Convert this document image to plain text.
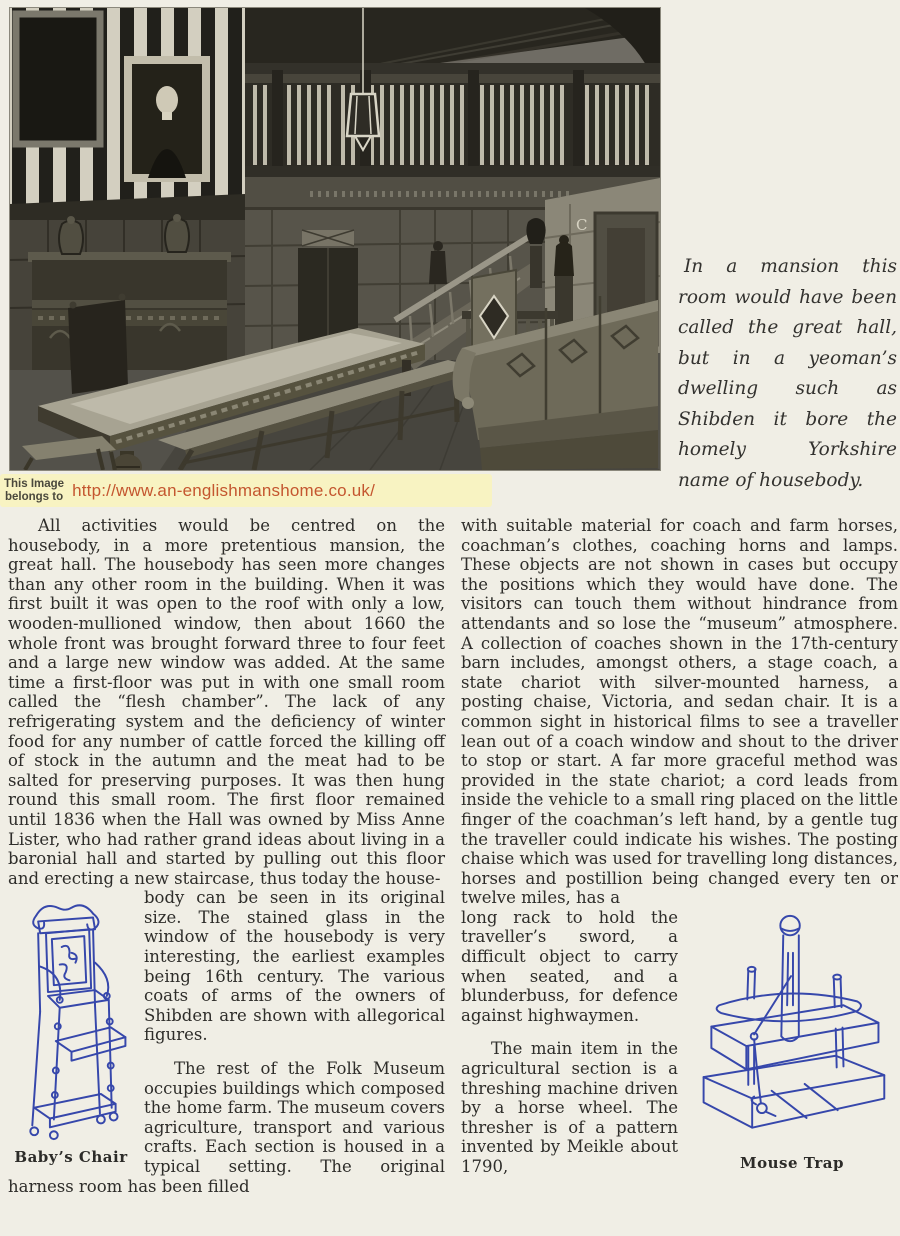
C
In a mansion this room would have been called the great hall, but in a yeoman’s dwelling such as Shibden it bore the homely Yorkshire name of housebody.
This Image
belongs to http://www.an-englishmanshome.co.uk/

All activities would be centred on the housebody, in a more pretentious mansion, the great hall. The housebody has seen more changes than any other room in the building. When it was first built it was open to the roof with only a low, wooden-mullioned window, then about 1660 the whole front was brought forward three to four feet and a large new window was added. At the same time a first-floor was put in with one small room called the “flesh chamber”. The lack of any refrigerating system and the deficiency of winter food for any number of cattle forced the killing off of stock in the autumn and the meat had to be salted for preserving purposes. It was then hung round this small room. The first floor remained until 1836 when the Hall was owned by Miss Anne Lister, who had rather grand ideas about living in a baronial hall and started by pulling out this floor and erecting a new staircase, thus today the house-

Baby’s Chair

body can be seen in its original size. The stained glass in the window of the housebody is very interesting, the earliest examples being 16th century. The various coats of arms of the owners of Shibden are shown with allegorical figures.

The rest of the Folk Museum occupies buildings which composed the home farm. The museum covers agriculture, transport and various crafts. Each section is housed in a typical setting. The original harness room has been filled

with suitable material for coach and farm horses, coachman’s clothes, coaching horns and lamps. These objects are not shown in cases but occupy the positions which they would have done. The visitors can touch them without hindrance from attendants and so lose the “museum” atmosphere. A collection of coaches shown in the 17th-century barn includes, amongst others, a stage coach, a state chariot with silver-mounted harness, a posting chaise, Victoria, and sedan chair. It is a common sight in historical films to see a traveller lean out of a coach window and shout to the driver to stop or start. A far more graceful method was provided in the state chariot; a cord leads from inside the vehicle to a small ring placed on the little finger of the coachman’s left hand, by a gentle tug the traveller could indicate his wishes. The posting chaise which was used for travelling long distances, horses and postillion being changed every ten or twelve miles, has a

Mouse Trap

long rack to hold the traveller’s sword, a difficult object to carry when seated, and a blunderbuss, for defence against highwaymen.

The main item in the agricultural section is a threshing machine driven by a horse wheel. The thresher is of a pattern invented by Meikle about 1790,
